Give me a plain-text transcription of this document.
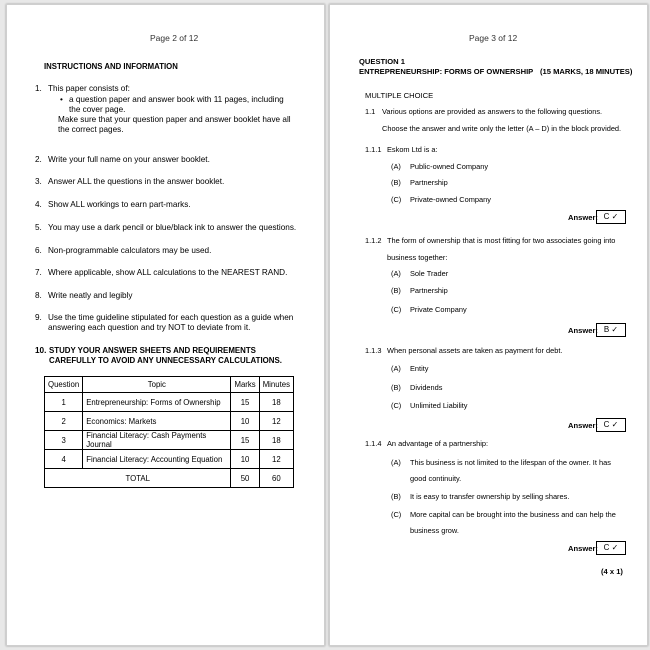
Page 2 of 12
INSTRUCTIONS AND INFORMATION
1. This paper consists of:
• a question paper and answer book with 11 pages, including the cover page.
Make sure that your question paper and answer booklet have all the correct pages.
2. Write your full name on your answer booklet.
3. Answer ALL the questions in the answer booklet.
4. Show ALL workings to earn part-marks.
5. You may use a dark pencil or blue/black ink to answer the questions.
6. Non-programmable calculators may be used.
7. Where applicable, show ALL calculations to the NEAREST RAND.
8. Write neatly and legibly
9. Use the time guideline stipulated for each question as a guide when answering each question and try NOT to deviate from it.
10. STUDY YOUR ANSWER SHEETS AND REQUIREMENTS CAREFULLY TO AVOID ANY UNNECESSARY CALCULATIONS.
Question	Topic	Marks	Minutes
1	Entrepreneurship: Forms of Ownership	15	18
2	Economics: Markets	10	12
3	Financial Literacy: Cash Payments Journal	15	18
4	Financial Literacy: Accounting Equation	10	12
TOTAL		50	60
Page 3 of 12
QUESTION 1
ENTREPRENEURSHIP: FORMS OF OWNERSHIP (15 MARKS, 18 MINUTES)
MULTIPLE CHOICE
1.1 Various options are provided as answers to the following questions.
Choose the answer and write only the letter (A – D) in the block provided.
1.1.1 Eskom Ltd is a:
(A) Public-owned Company
(B) Partnership
(C) Private-owned Company
Answer: C ✓
1.1.2 The form of ownership that is most fitting for two associates going into
business together:
(A) Sole Trader
(B) Partnership
(C) Private Company
Answer: B ✓
1.1.3 When personal assets are taken as payment for debt.
(A) Entity
(B) Dividends
(C) Unlimited Liability
Answer: C ✓
1.1.4 An advantage of a partnership:
(A) This business is not limited to the lifespan of the owner. It has
good continuity.
(B) It is easy to transfer ownership by selling shares.
(C) More capital can be brought into the business and can help the
business grow.
Answer: C ✓
(4 x 1)
